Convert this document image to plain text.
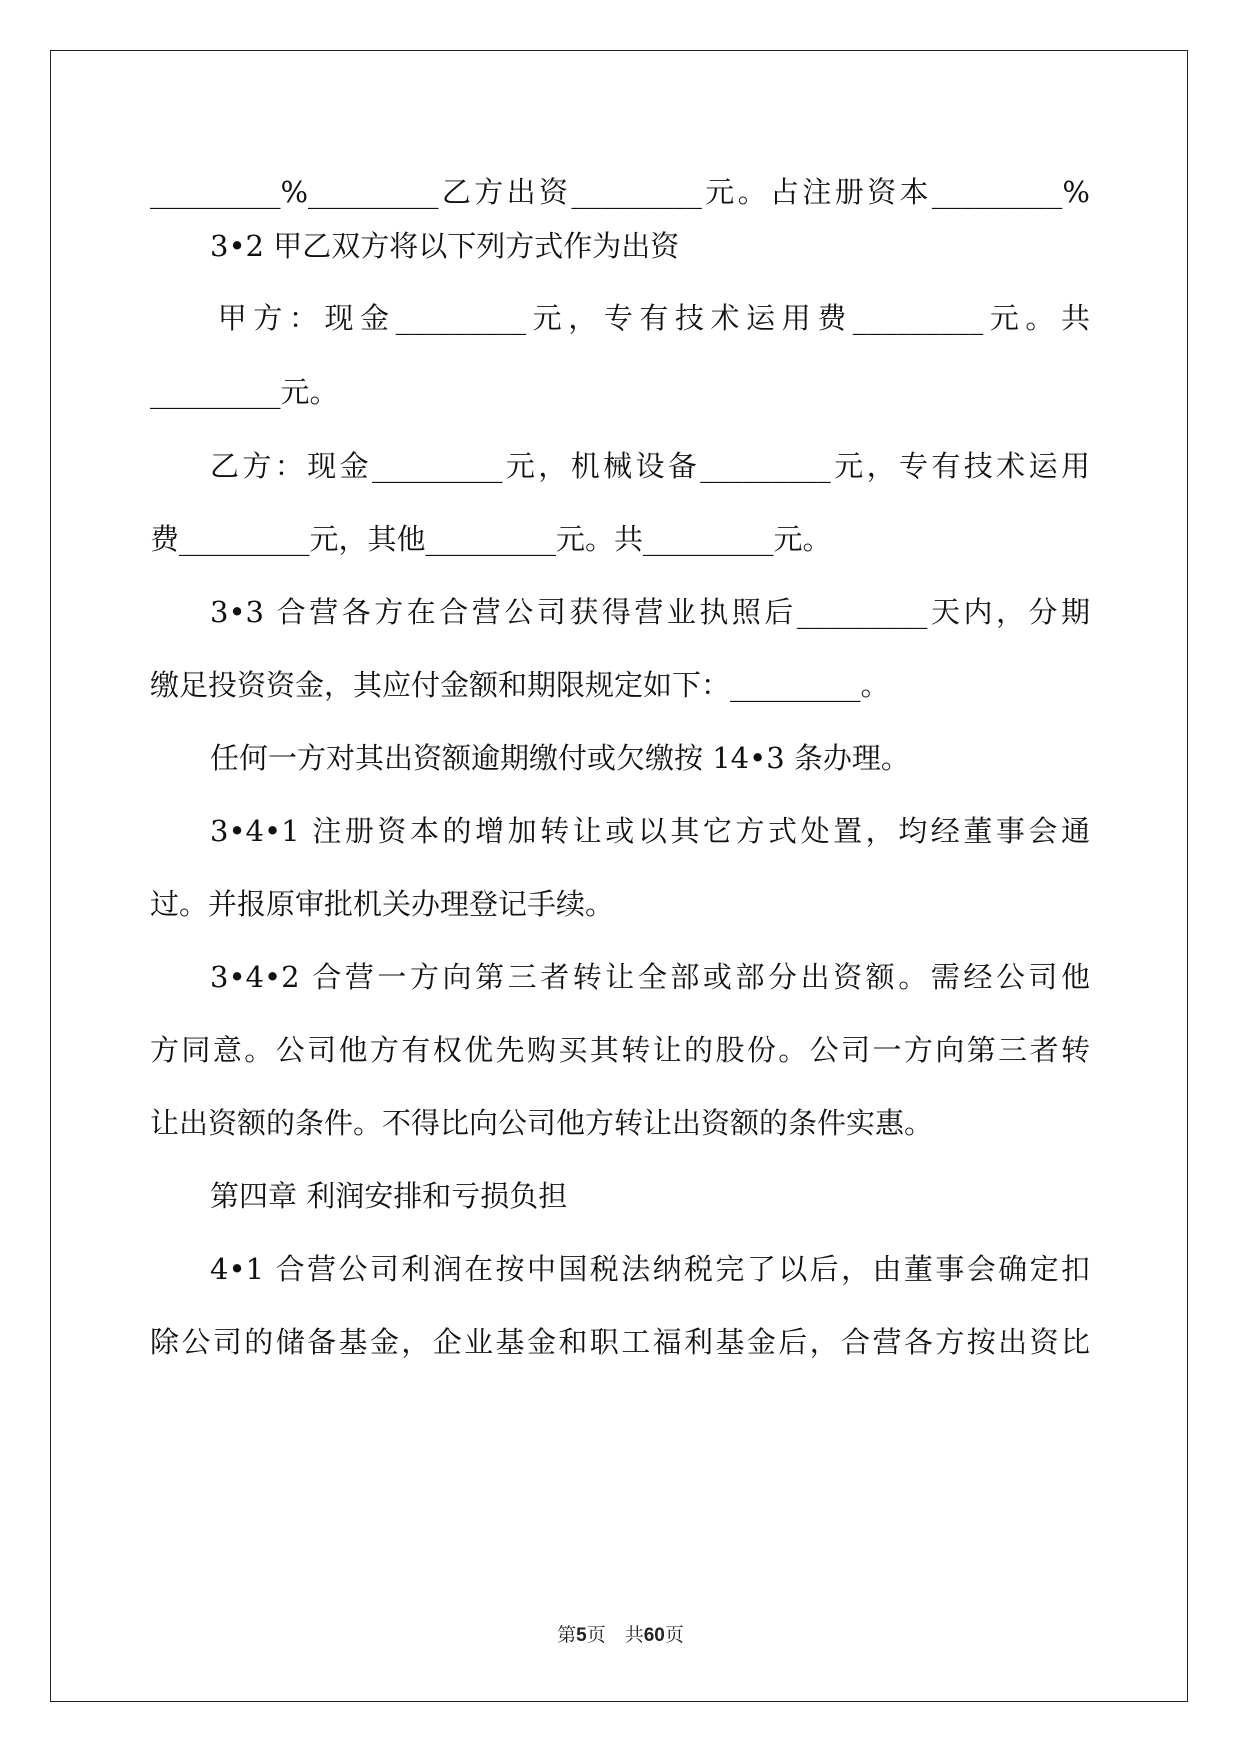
_________%_________乙方出资_________元。占注册资本_________%
3•2 甲乙双方将以下列方式作为出资
甲方：现金_________元，专有技术运用费_________元。共
_________元。
乙方：现金_________元，机械设备_________元，专有技术运用
费_________元，其他_________元。共_________元。
3•3 合营各方在合营公司获得营业执照后_________天内，分期
缴足投资资金，其应付金额和期限规定如下：_________。
任何一方对其出资额逾期缴付或欠缴按 14•3 条办理。
3•4•1 注册资本的增加转让或以其它方式处置，均经董事会通
过。并报原审批机关办理登记手续。
3•4•2 合营一方向第三者转让全部或部分出资额。需经公司他
方同意。公司他方有权优先购买其转让的股份。公司一方向第三者转
让出资额的条件。不得比向公司他方转让出资额的条件实惠。
第四章 利润安排和亏损负担
4•1 合营公司利润在按中国税法纳税完了以后，由董事会确定扣
除公司的储备基金，企业基金和职工福利基金后，合营各方按出资比
第5页　共60页
